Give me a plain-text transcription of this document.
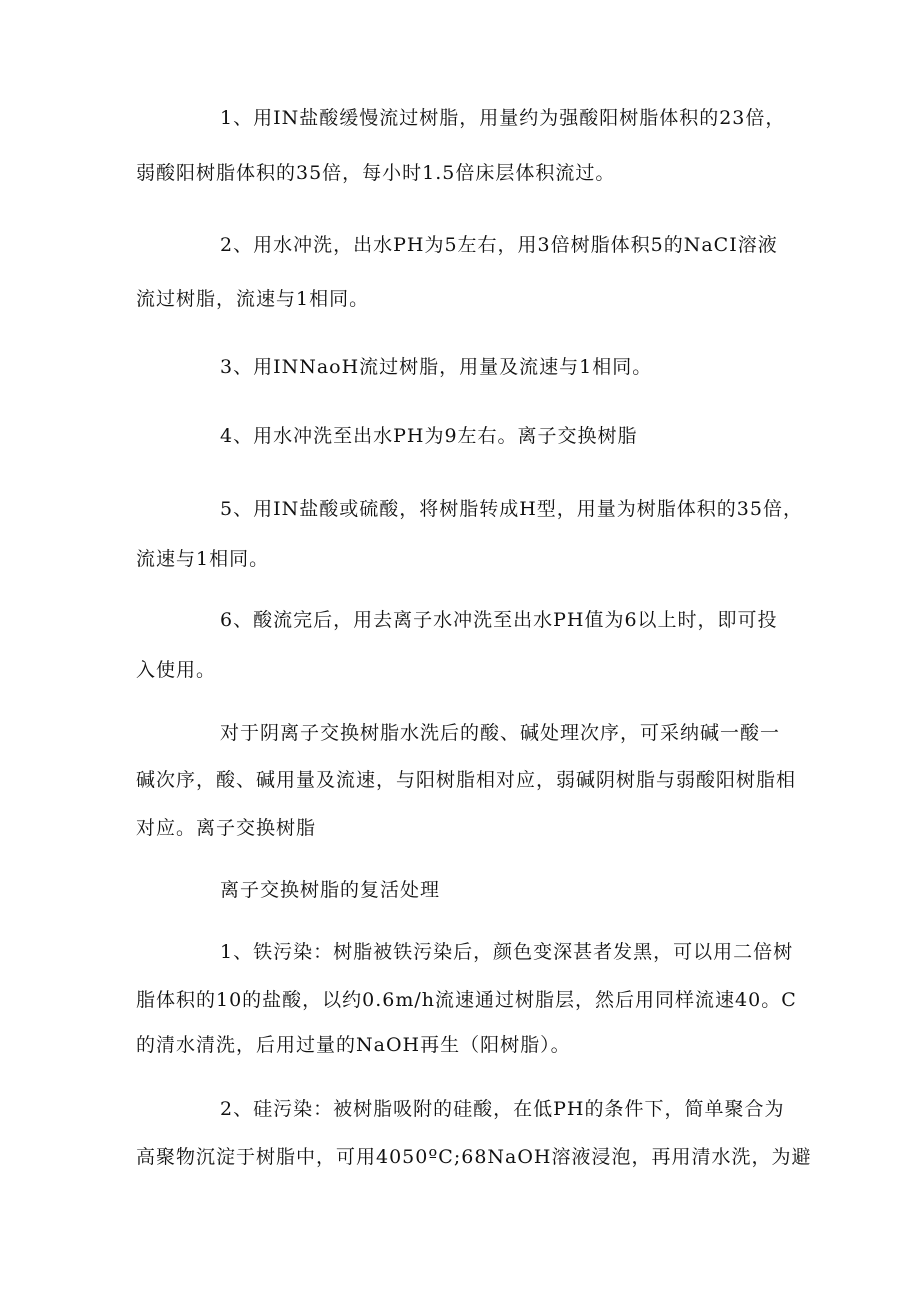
1、用IN盐酸缓慢流过树脂，用量约为强酸阳树脂体积的23倍，
弱酸阳树脂体积的35倍，每小时1.5倍床层体积流过。
2、用水冲洗，出水PH为5左右，用3倍树脂体积5的NaCI溶液
流过树脂，流速与1相同。
3、用INNaoH流过树脂，用量及流速与1相同。
4、用水冲洗至出水PH为9左右。离子交换树脂
5、用IN盐酸或硫酸，将树脂转成H型，用量为树脂体积的35倍，
流速与1相同。
6、酸流完后，用去离子水冲洗至出水PH值为6以上时，即可投
入使用。
对于阴离子交换树脂水洗后的酸、碱处理次序，可采纳碱一酸一
碱次序，酸、碱用量及流速，与阳树脂相对应，弱碱阴树脂与弱酸阳树脂相
对应。离子交换树脂
离子交换树脂的复活处理
1、铁污染：树脂被铁污染后，颜色变深甚者发黑，可以用二倍树
脂体积的10的盐酸，以约0.6m∕h流速通过树脂层，然后用同样流速40。C
的清水清洗，后用过量的NaOH再生（阳树脂）。
2、硅污染：被树脂吸附的硅酸，在低PH的条件下，简单聚合为
高聚物沉淀于树脂中，可用4050ºC;68NaOH溶液浸泡，再用清水洗，为避
